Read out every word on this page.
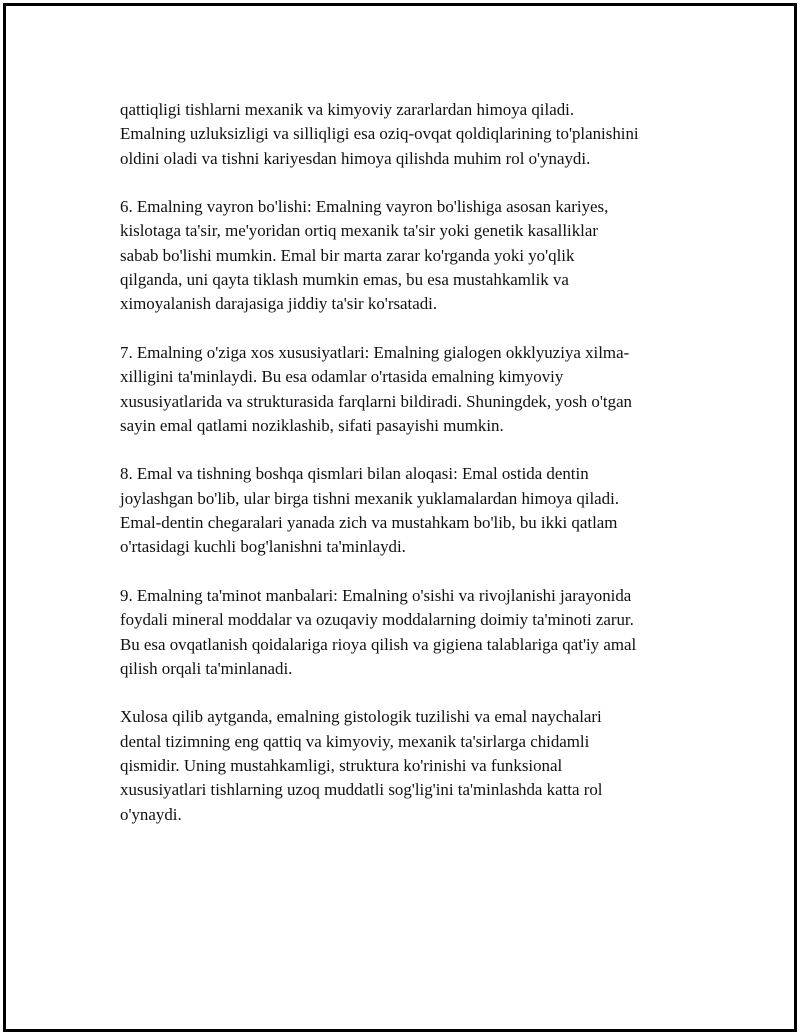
qattiqligi tishlarni mexanik va kimyoviy zararlardan himoya qiladi.
Emalning uzluksizligi va silliqligi esa oziq-ovqat qoldiqlarining to'planishini
oldini oladi va tishni kariyesdan himoya qilishda muhim rol o'ynaydi.

6. Emalning vayron bo'lishi: Emalning vayron bo'lishiga asosan kariyes,
kislotaga ta'sir, me'yoridan ortiq mexanik ta'sir yoki genetik kasalliklar
sabab bo'lishi mumkin. Emal bir marta zarar ko'rganda yoki yo'qlik
qilganda, uni qayta tiklash mumkin emas, bu esa mustahkamlik va
ximoyalanish darajasiga jiddiy ta'sir ko'rsatadi.

7. Emalning o'ziga xos xususiyatlari: Emalning gialogen okklyuziya xilma-
xilligini ta'minlaydi. Bu esa odamlar o'rtasida emalning kimyoviy
xususiyatlarida va strukturasida farqlarni bildiradi. Shuningdek, yosh o'tgan
sayin emal qatlami noziklashib, sifati pasayishi mumkin.

8. Emal va tishning boshqa qismlari bilan aloqasi: Emal ostida dentin
joylashgan bo'lib, ular birga tishni mexanik yuklamalardan himoya qiladi.
Emal-dentin chegaralari yanada zich va mustahkam bo'lib, bu ikki qatlam
o'rtasidagi kuchli bog'lanishni ta'minlaydi.

9. Emalning ta'minot manbalari: Emalning o'sishi va rivojlanishi jarayonida
foydali mineral moddalar va ozuqaviy moddalarning doimiy ta'minoti zarur.
Bu esa ovqatlanish qoidalariga rioya qilish va gigiena talablariga qat'iy amal
qilish orqali ta'minlanadi.

Xulosa qilib aytganda, emalning gistologik tuzilishi va emal naychalari
dental tizimning eng qattiq va kimyoviy, mexanik ta'sirlarga chidamli
qismidir. Uning mustahkamligi, struktura ko'rinishi va funksional
xususiyatlari tishlarning uzoq muddatli sog'lig'ini ta'minlashda katta rol
o'ynaydi.
